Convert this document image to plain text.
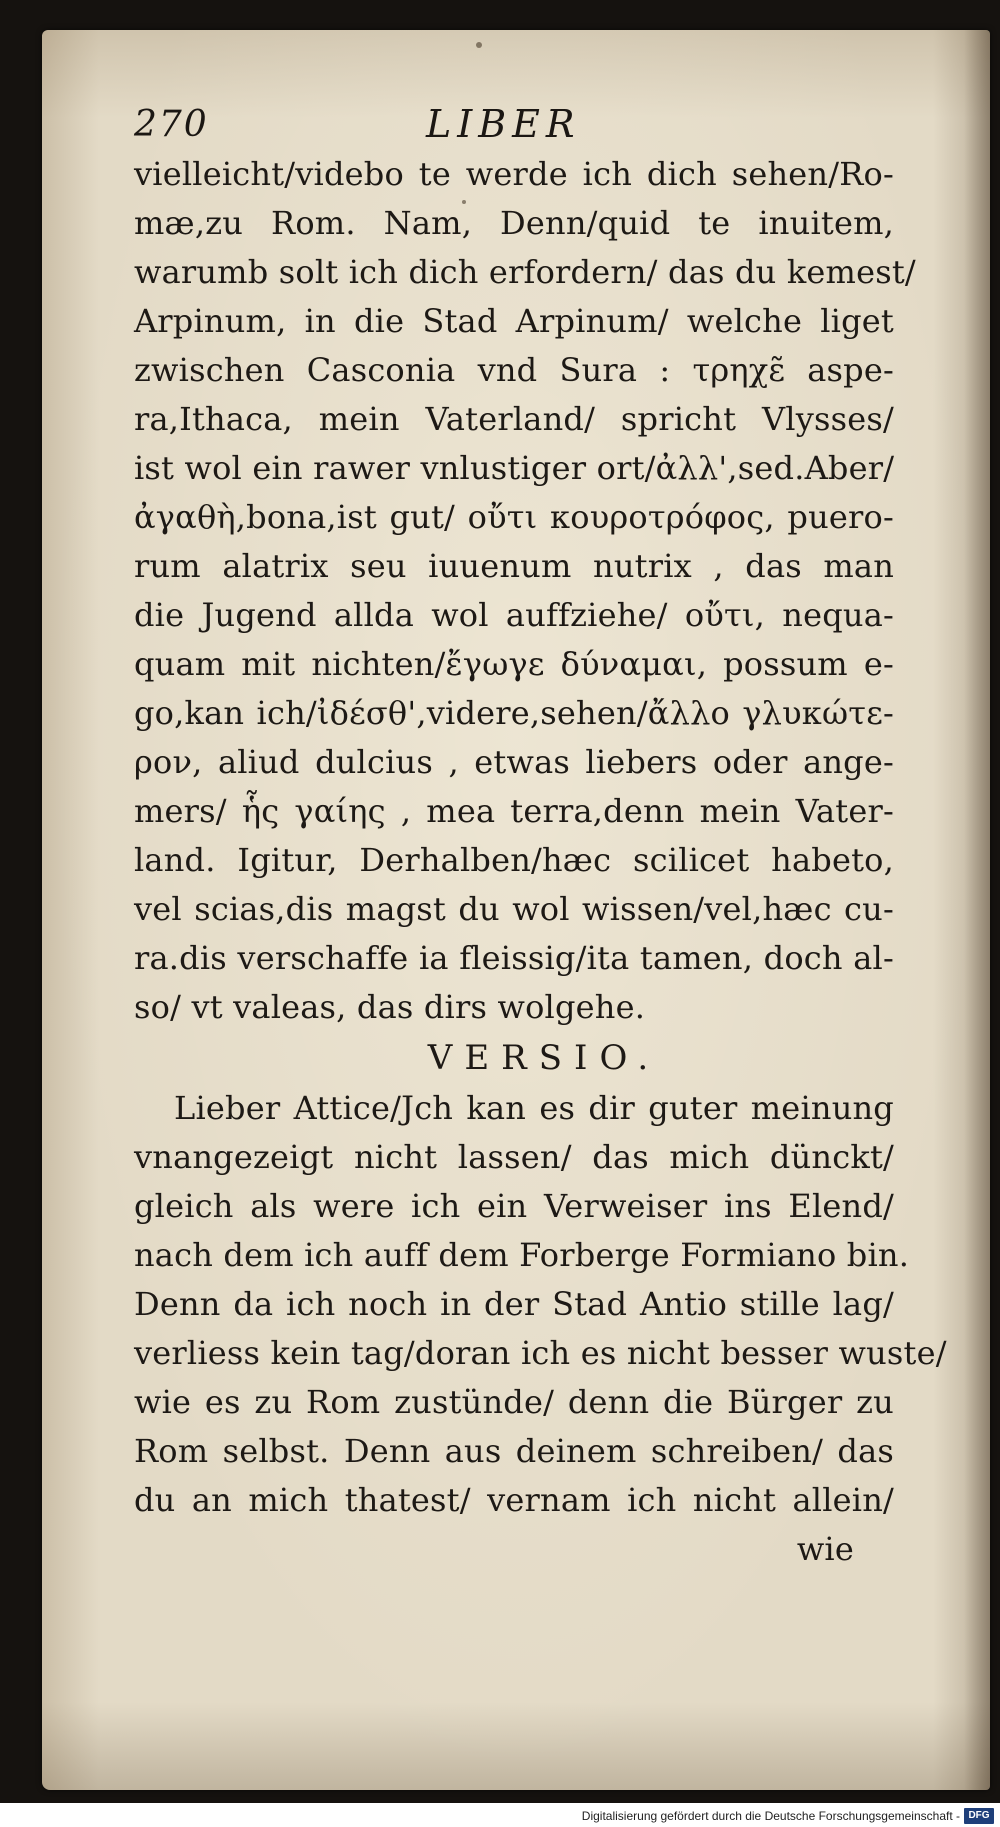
270	LIBER
vielleicht/videbo te werde ich dich sehen/Ro-
mæ,zu Rom. Nam, Denn/quid te inuitem,
warumb solt ich dich erfordern/ das du kemest/
Arpinum, in die Stad Arpinum/ welche liget
zwischen Casconia vnd Sura : τρηχε̃ aspe-
ra,Ithaca, mein Vaterland/ spricht Vlysses/
ist wol ein rawer vnlustiger ort/ἀλλ',sed.Aber/
ἀγαθὴ,bona,ist gut/ οὔτι κουροτρόφος, puero-
rum alatrix seu iuuenum nutrix , das man
die Jugend allda wol auffziehe/ οὔτι, nequa-
quam mit nichten/ἔγωγε δύναμαι, possum e-
go,kan ich/ἰδέσθ',videre,sehen/ἄλλο γλυκώτε-
ρον, aliud dulcius , etwas liebers oder ange-
mers/ ἧς γαίης , mea terra,denn mein Vater-
land. Igitur, Derhalben/hæc scilicet habeto,
vel scias,dis magst du wol wissen/vel,hæc cu-
ra.dis verschaffe ia fleissig/ita tamen, doch al-
so/ vt valeas, das dirs wolgehe.
VERSIO.
Lieber Attice/Jch kan es dir guter meinung
vnangezeigt nicht lassen/ das mich dünckt/
gleich als were ich ein Verweiser ins Elend/
nach dem ich auff dem Forberge Formiano bin.
Denn da ich noch in der Stad Antio stille lag/
verliess kein tag/doran ich es nicht besser wuste/
wie es zu Rom zustünde/ denn die Bürger zu
Rom selbst. Denn aus deinem schreiben/ das
du an mich thatest/ vernam ich nicht allein/
wie
Digitalisierung gefördert durch die Deutsche Forschungsgemeinschaft - DFG
